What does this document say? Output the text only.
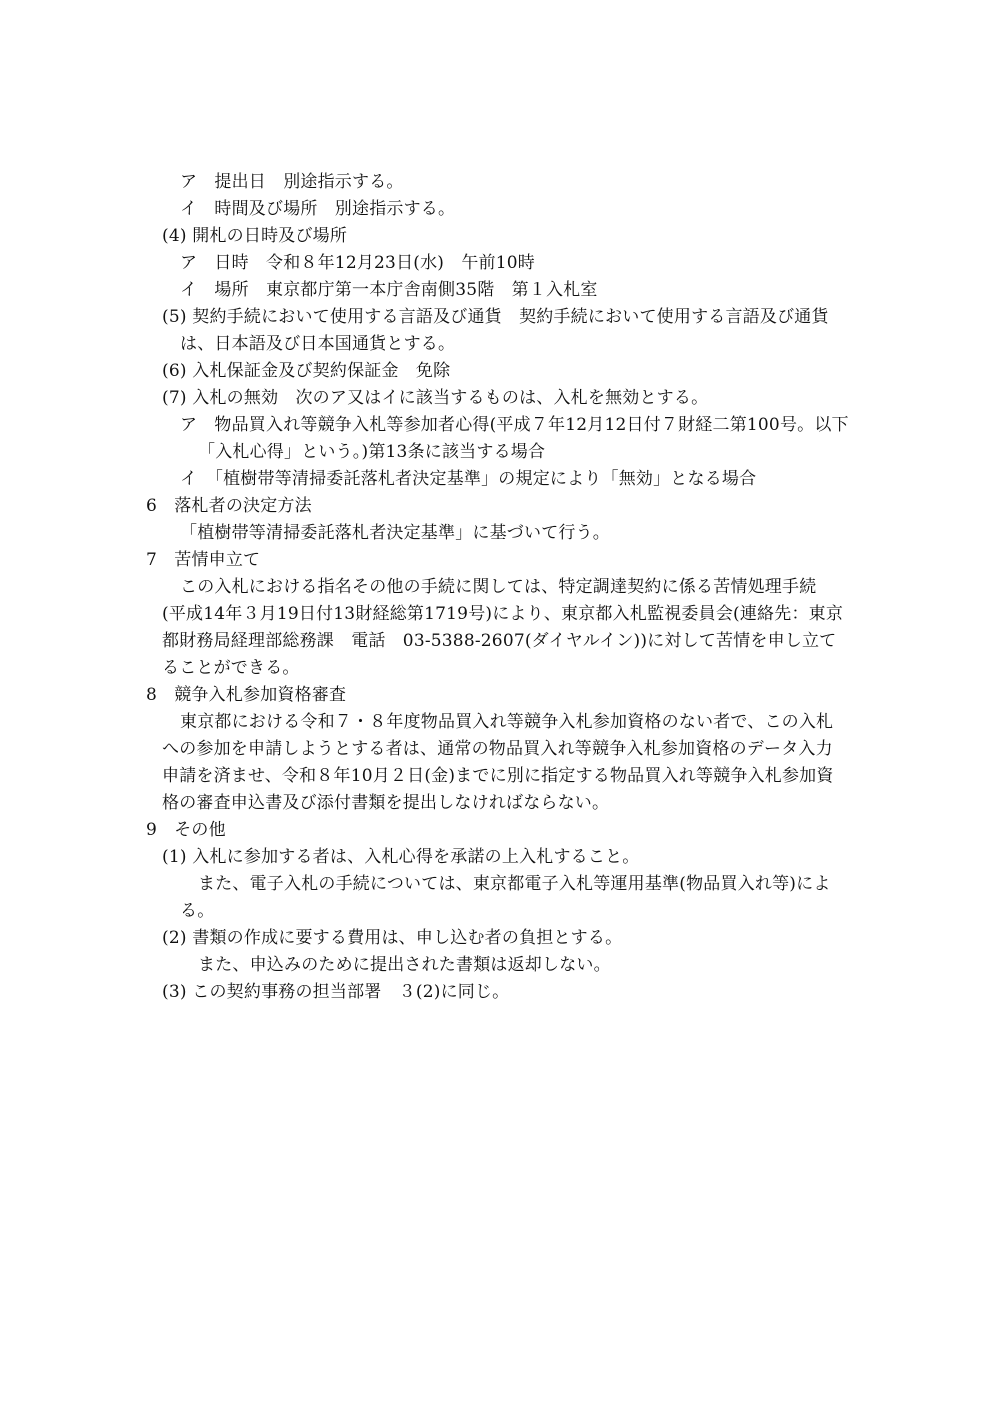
ア　提出日　別途指示する。
イ　時間及び場所　別途指示する。
(4) 開札の日時及び場所
ア　日時　令和８年12月23日(水)　午前10時
イ　場所　東京都庁第一本庁舎南側35階　第１入札室
(5) 契約手続において使用する言語及び通貨　契約手続において使用する言語及び通貨
は、日本語及び日本国通貨とする。
(6) 入札保証金及び契約保証金　免除
(7) 入札の無効　次のア又はイに該当するものは、入札を無効とする。
ア　物品買入れ等競争入札等参加者心得(平成７年12月12日付７財経二第100号。以下
「入札心得」という。)第13条に該当する場合
イ　「植樹帯等清掃委託落札者決定基準」の規定により「無効」となる場合
6　落札者の決定方法
「植樹帯等清掃委託落札者決定基準」に基づいて行う。
7　苦情申立て
この入札における指名その他の手続に関しては、特定調達契約に係る苦情処理手続
(平成14年３月19日付13財経総第1719号)により、東京都入札監視委員会(連絡先：東京
都財務局経理部総務課　電話　03-5388-2607(ダイヤルイン))に対して苦情を申し立て
ることができる。
8　競争入札参加資格審査
東京都における令和７・８年度物品買入れ等競争入札参加資格のない者で、この入札
への参加を申請しようとする者は、通常の物品買入れ等競争入札参加資格のデータ入力
申請を済ませ、令和８年10月２日(金)までに別に指定する物品買入れ等競争入札参加資
格の審査申込書及び添付書類を提出しなければならない。
9　その他
(1) 入札に参加する者は、入札心得を承諾の上入札すること。
また、電子入札の手続については、東京都電子入札等運用基準(物品買入れ等)によ
る。
(2) 書類の作成に要する費用は、申し込む者の負担とする。
また、申込みのために提出された書類は返却しない。
(3) この契約事務の担当部署　３(2)に同じ。
